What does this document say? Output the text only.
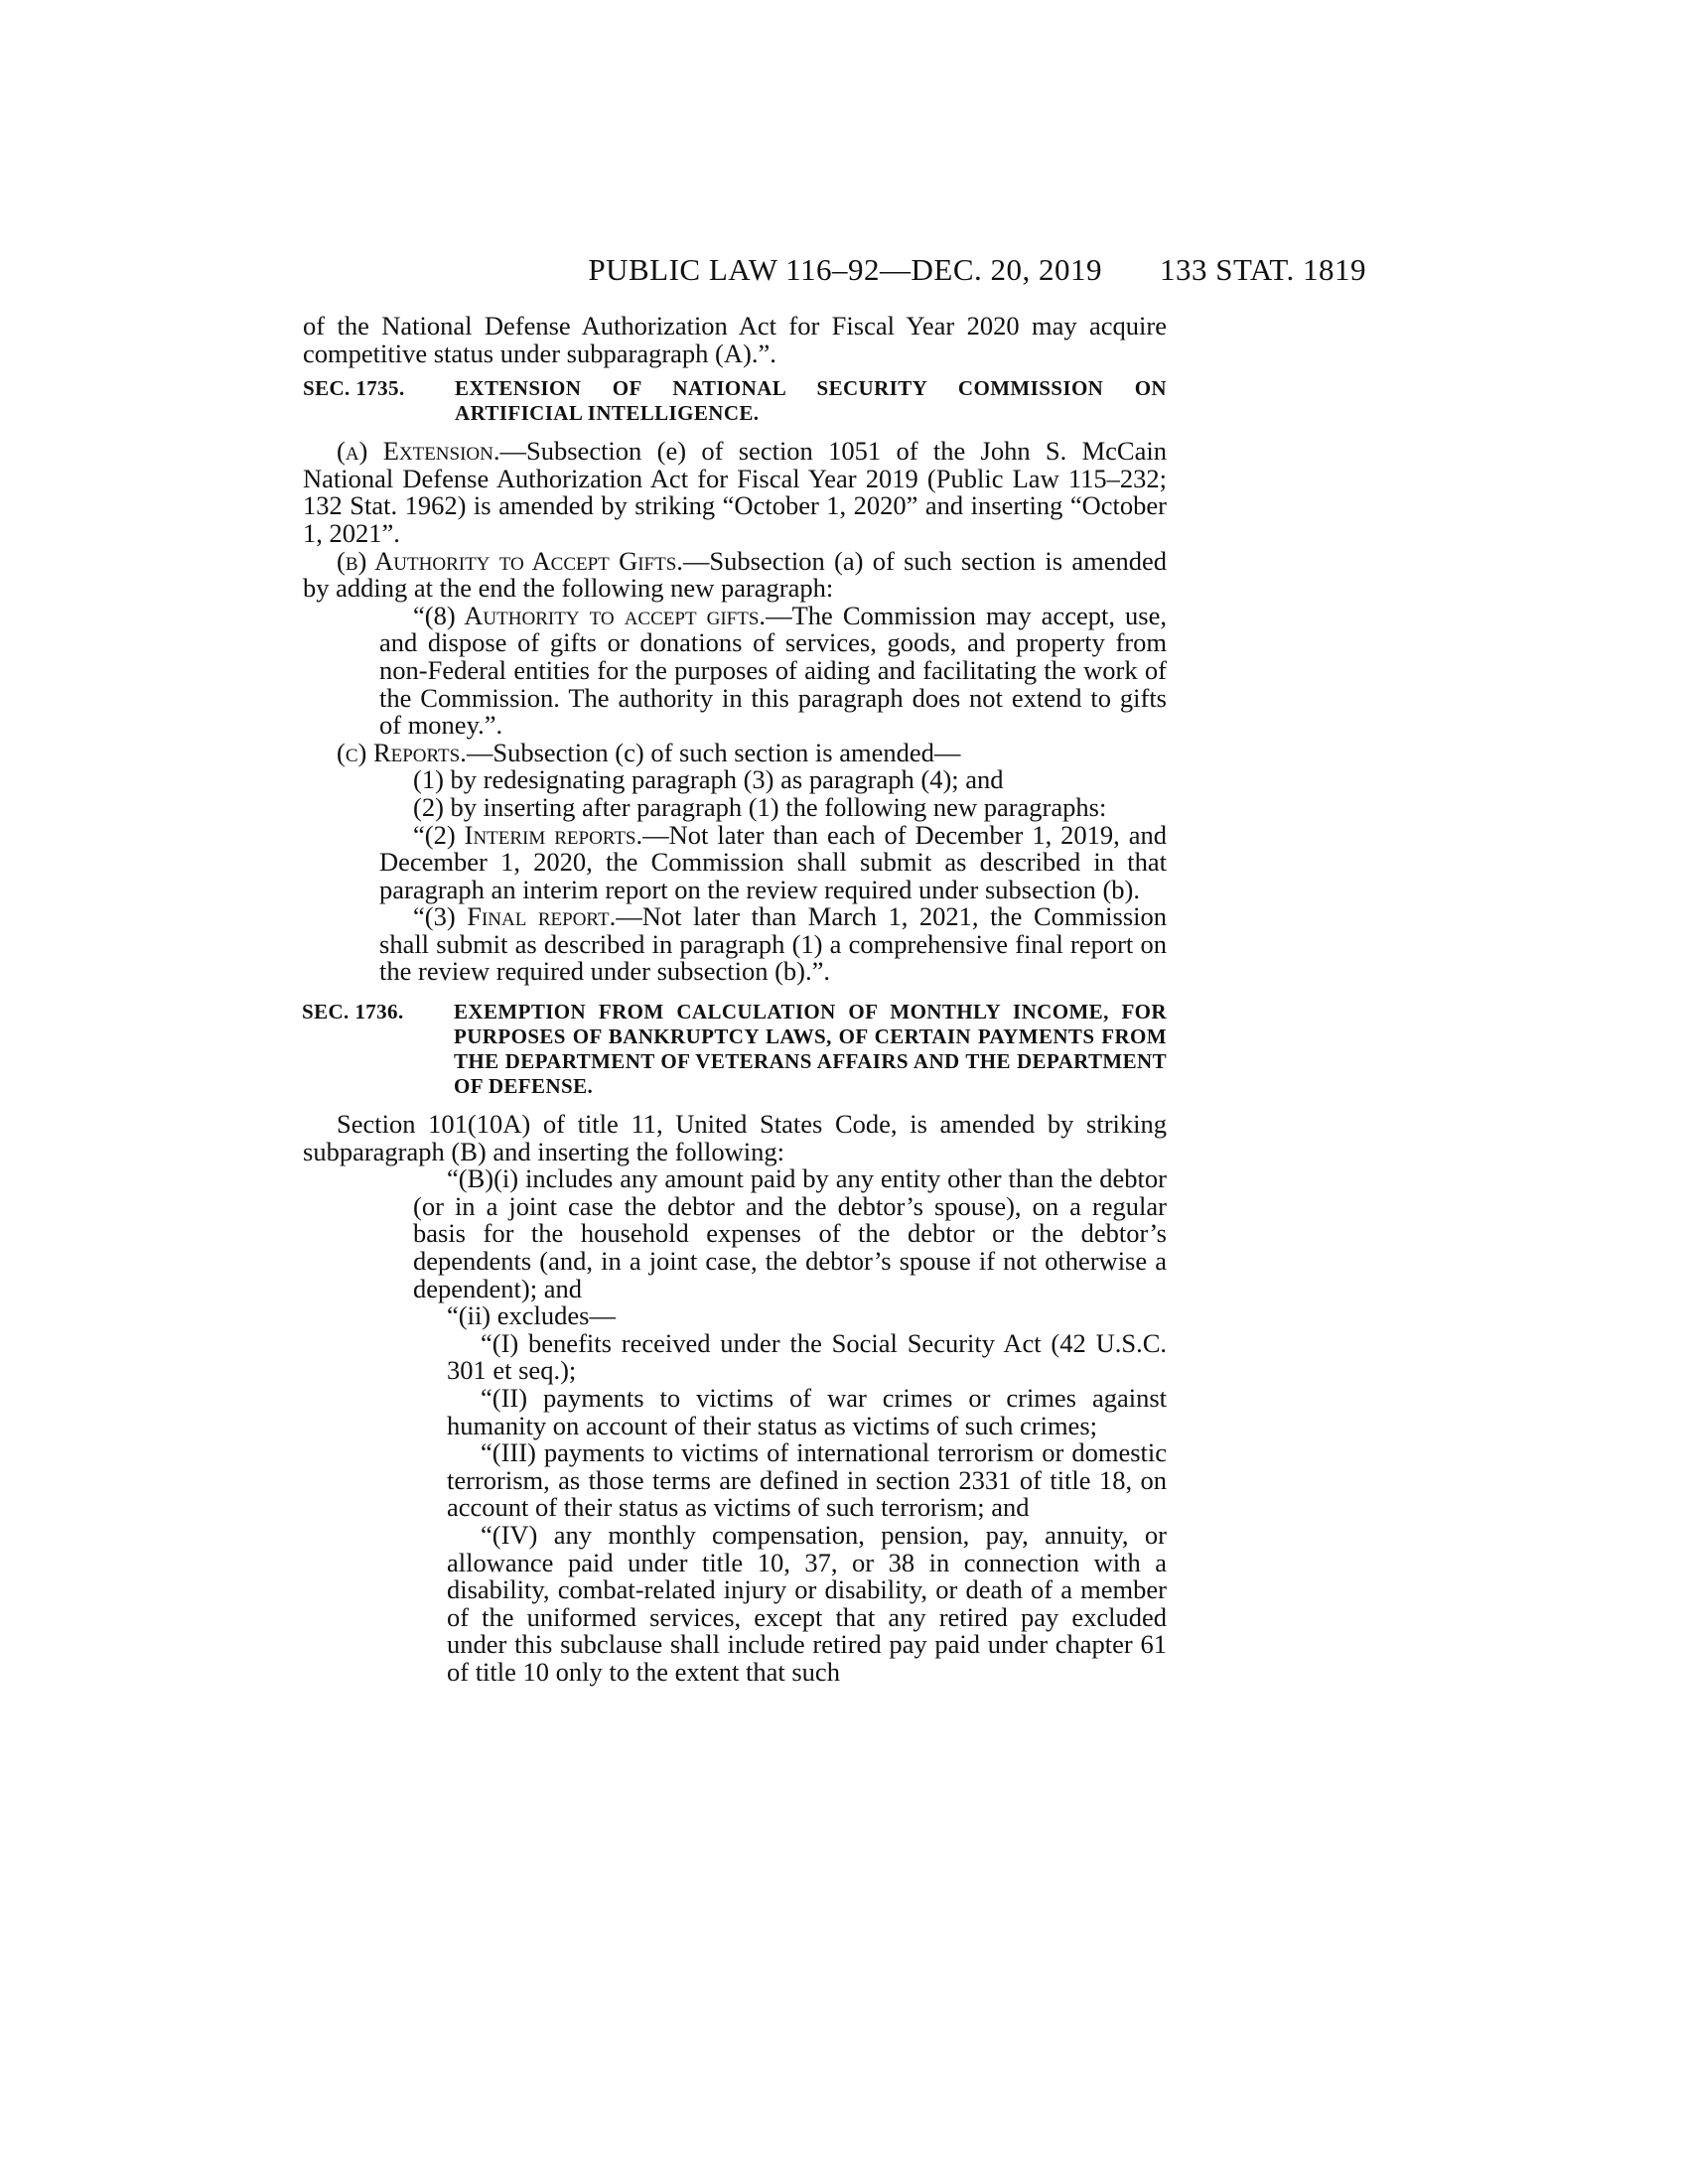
PUBLIC LAW 116–92—DEC. 20, 2019 133 STAT. 1819

of the National Defense Authorization Act for Fiscal Year 2020 may acquire competitive status under subparagraph (A).”.

SEC. 1735. EXTENSION OF NATIONAL SECURITY COMMISSION ON ARTIFICIAL INTELLIGENCE.

(a) Extension.—Subsection (e) of section 1051 of the John S. McCain National Defense Authorization Act for Fiscal Year 2019 (Public Law 115–232; 132 Stat. 1962) is amended by striking “October 1, 2020” and inserting “October 1, 2021”.

(b) Authority to Accept Gifts.—Subsection (a) of such section is amended by adding at the end the following new paragraph:

“(8) Authority to accept gifts.—The Commission may accept, use, and dispose of gifts or donations of services, goods, and property from non-Federal entities for the purposes of aiding and facilitating the work of the Commission. The authority in this paragraph does not extend to gifts of money.”.

(c) Reports.—Subsection (c) of such section is amended—

(1) by redesignating paragraph (3) as paragraph (4); and

(2) by inserting after paragraph (1) the following new paragraphs:

“(2) Interim reports.—Not later than each of December 1, 2019, and December 1, 2020, the Commission shall submit as described in that paragraph an interim report on the review required under subsection (b).

“(3) Final report.—Not later than March 1, 2021, the Commission shall submit as described in paragraph (1) a comprehensive final report on the review required under subsection (b).”.

SEC. 1736. EXEMPTION FROM CALCULATION OF MONTHLY INCOME, FOR PURPOSES OF BANKRUPTCY LAWS, OF CERTAIN PAYMENTS FROM THE DEPARTMENT OF VETERANS AFFAIRS AND THE DEPARTMENT OF DEFENSE.

Section 101(10A) of title 11, United States Code, is amended by striking subparagraph (B) and inserting the following:

“(B)(i) includes any amount paid by any entity other than the debtor (or in a joint case the debtor and the debtor’s spouse), on a regular basis for the household expenses of the debtor or the debtor’s dependents (and, in a joint case, the debtor’s spouse if not otherwise a dependent); and

“(ii) excludes—

“(I) benefits received under the Social Security Act (42 U.S.C. 301 et seq.);

“(II) payments to victims of war crimes or crimes against humanity on account of their status as victims of such crimes;

“(III) payments to victims of international terrorism or domestic terrorism, as those terms are defined in section 2331 of title 18, on account of their status as victims of such terrorism; and

“(IV) any monthly compensation, pension, pay, annuity, or allowance paid under title 10, 37, or 38 in connection with a disability, combat-related injury or disability, or death of a member of the uniformed services, except that any retired pay excluded under this subclause shall include retired pay paid under chapter 61 of title 10 only to the extent that such
